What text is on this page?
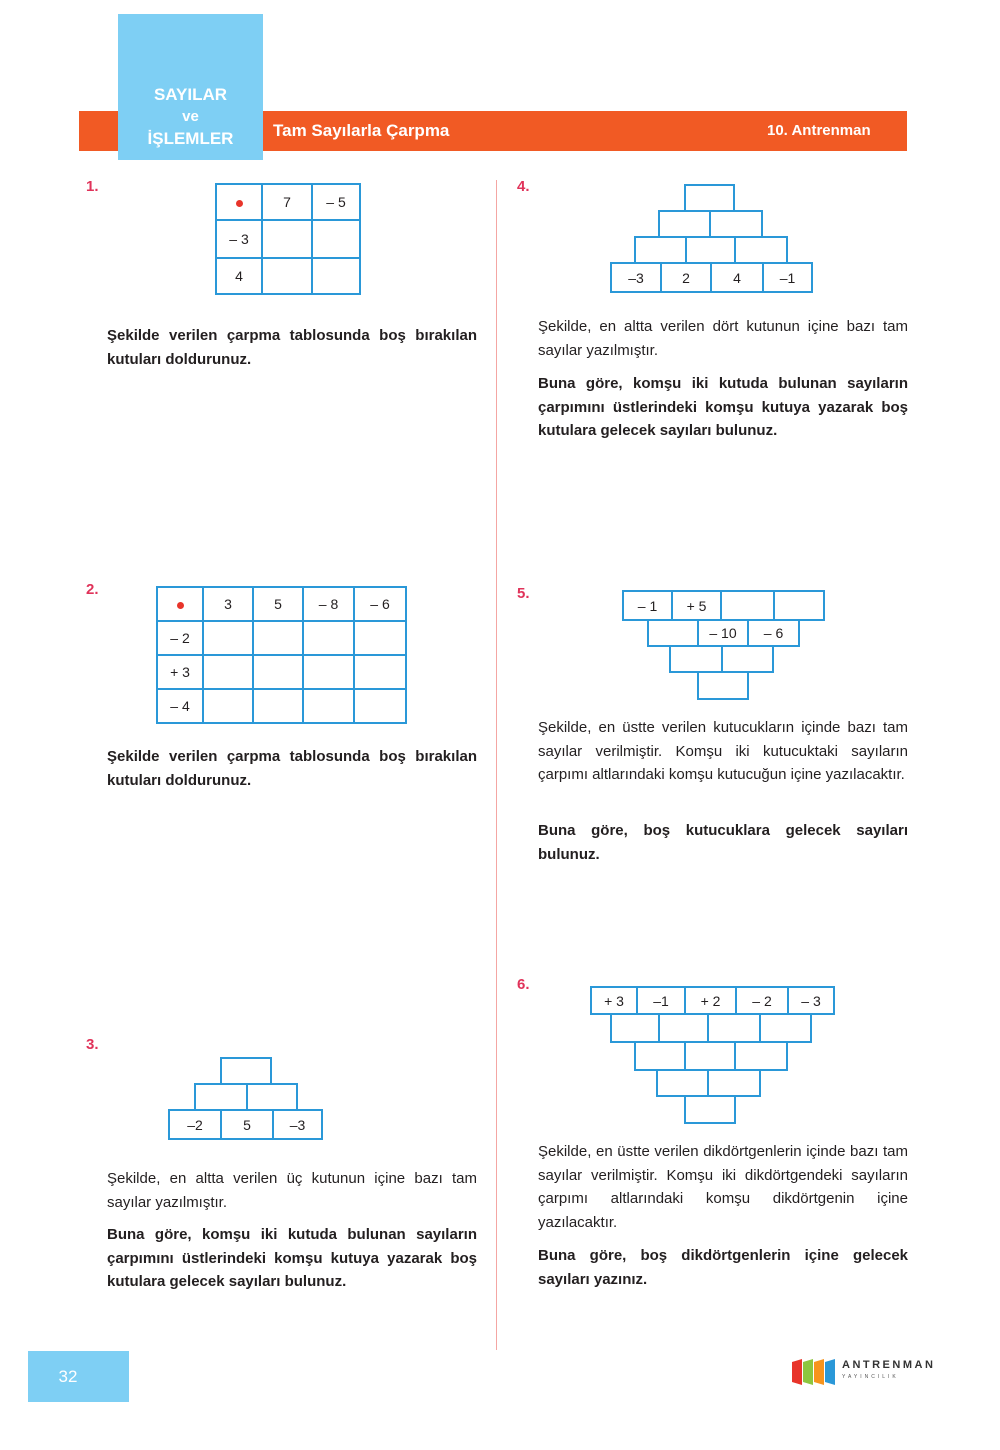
SAYILAR
ve
İŞLEMLER	Tam Sayılarla Çarpma	10. Antrenman
1.
	7	– 5
– 3		
4		
Şekilde verilen çarpma tablosunda boş bırakılan kutuları doldurunuz.
2.
	3	5	– 8	– 6
– 2				
+ 3				
– 4				
Şekilde verilen çarpma tablosunda boş bırakılan kutuları doldurunuz.
3.
–2	5	–3
Şekilde, en altta verilen üç kutunun içine bazı tam sayılar yazılmıştır.
Buna göre, komşu iki kutuda bulunan sayıların çarpımını üstlerindeki komşu kutuya yazarak boş kutulara gelecek sayıları bulunuz.
4.
–3	2	4	–1
Şekilde, en altta verilen dört kutunun içine bazı tam sayılar yazılmıştır.
Buna göre, komşu iki kutuda bulunan sayıların çarpımını üstlerindeki komşu kutuya yazarak boş kutulara gelecek sayıları bulunuz.
5.
– 1	+ 5
– 10	– 6
Şekilde, en üstte verilen kutucukların içinde bazı tam sayılar verilmiştir. Komşu iki kutucuktaki sayıların çarpımı altlarındaki komşu kutucuğun içine yazılacaktır.
Buna göre, boş kutucuklara gelecek sayıları bulunuz.
6.
+ 3	–1	+ 2	– 2	– 3
Şekilde, en üstte verilen dikdörtgenlerin içinde bazı tam sayılar verilmiştir. Komşu iki dikdörtgendeki sayıların çarpımı altlarındaki komşu dikdörtgenin içine yazılacaktır.
Buna göre, boş dikdörtgenlerin içine gelecek sayıları yazınız.
32
ANTRENMAN
YAYINCILIK
